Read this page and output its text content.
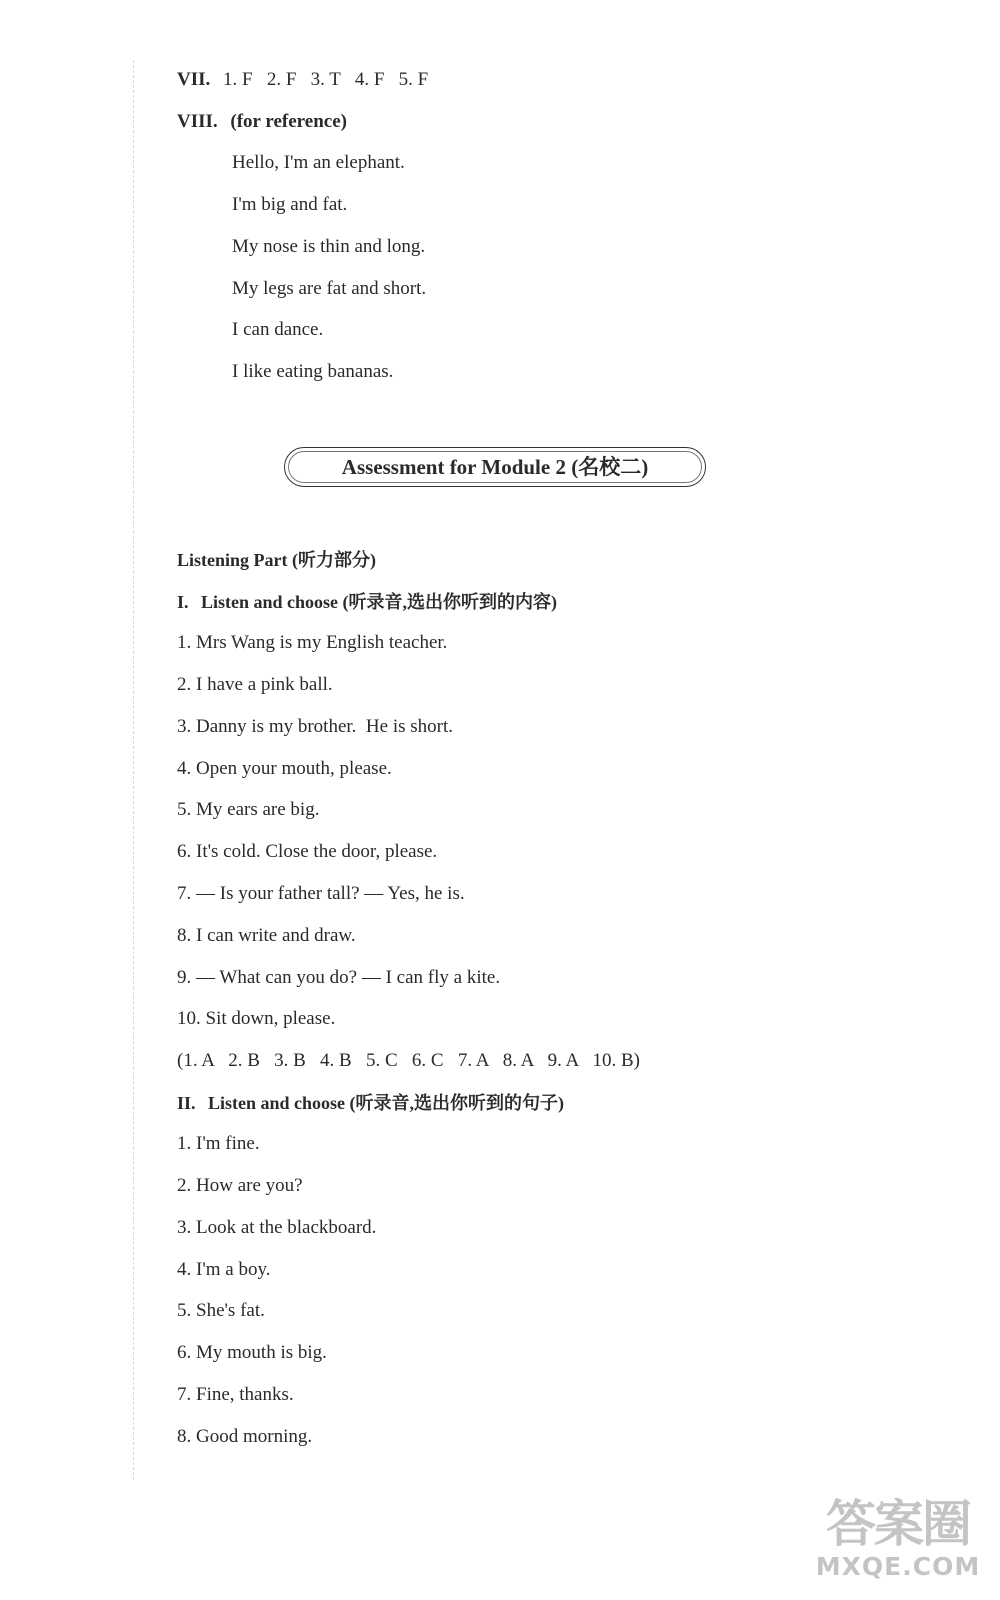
VII. 1. F   2. F   3. T   4. F   5. F
VIII. (for reference)
Hello, I'm an elephant.
I'm big and fat.
My nose is thin and long.
My legs are fat and short.
I can dance.
I like eating bananas.
Assessment for Module 2 (名校二)
Listening Part (听力部分)
I. Listen and choose (听录音,选出你听到的内容)
1. Mrs Wang is my English teacher.
2. I have a pink ball.
3. Danny is my brother.  He is short.
4. Open your mouth, please.
5. My ears are big.
6. It's cold. Close the door, please.
7. — Is your father tall? — Yes, he is.
8. I can write and draw.
9. — What can you do? — I can fly a kite.
10. Sit down, please.
(1. A   2. B   3. B   4. B   5. C   6. C   7. A   8. A   9. A   10. B)
II. Listen and choose (听录音,选出你听到的句子)
1. I'm fine.
2. How are you?
3. Look at the blackboard.
4. I'm a boy.
5. She's fat.
6. My mouth is big.
7. Fine, thanks.
8. Good morning.
答案圈
MXQE.COM
